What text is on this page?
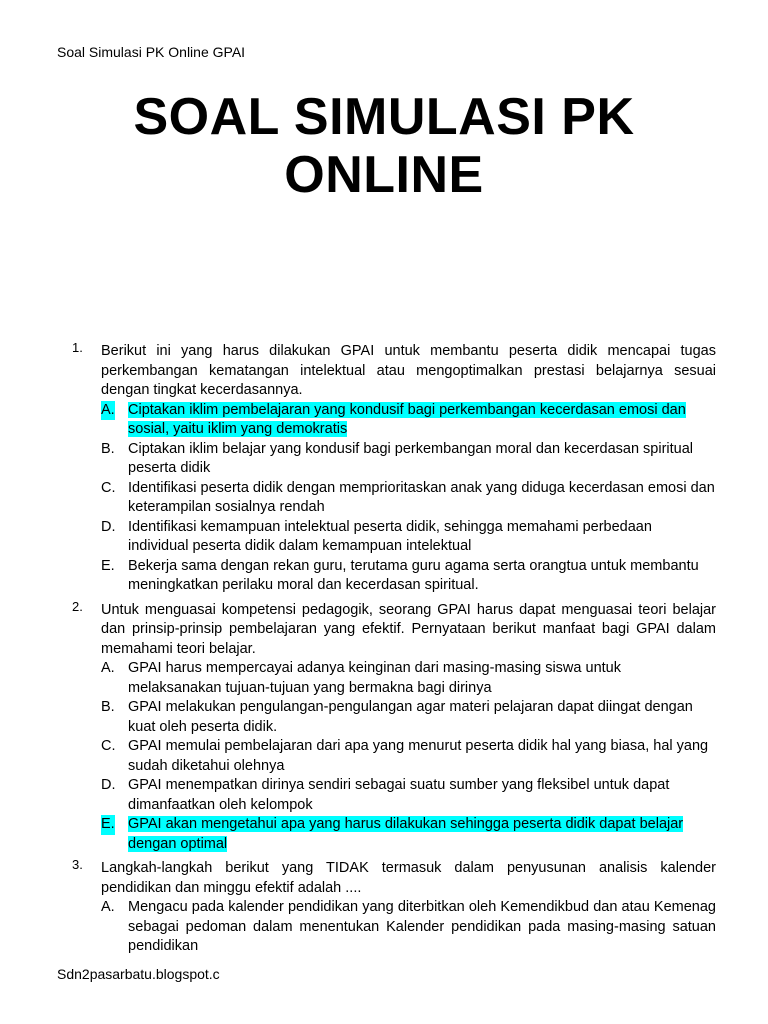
Soal Simulasi PK Online GPAI
SOAL SIMULASI PK
ONLINE
1. Berikut ini yang harus dilakukan GPAI untuk membantu peserta didik mencapai tugas perkembangan kematangan intelektual atau mengoptimalkan prestasi belajarnya sesuai dengan tingkat kecerdasannya.
A. Ciptakan iklim pembelajaran yang kondusif bagi perkembangan kecerdasan emosi dan sosial, yaitu iklim yang demokratis
B. Ciptakan iklim belajar yang kondusif bagi perkembangan moral dan kecerdasan spiritual peserta didik
C. Identifikasi peserta didik dengan memprioritaskan anak yang diduga kecerdasan emosi dan keterampilan sosialnya rendah
D. Identifikasi kemampuan intelektual peserta didik, sehingga memahami perbedaan individual peserta didik dalam kemampuan intelektual
E. Bekerja sama dengan rekan guru, terutama guru agama serta orangtua untuk membantu meningkatkan perilaku moral dan kecerdasan spiritual.
2. Untuk menguasai kompetensi pedagogik, seorang GPAI harus dapat menguasai teori belajar dan prinsip-prinsip pembelajaran yang efektif. Pernyataan berikut manfaat bagi GPAI dalam memahami teori belajar.
A. GPAI harus mempercayai adanya keinginan dari masing-masing siswa untuk melaksanakan tujuan-tujuan yang bermakna bagi dirinya
B. GPAI melakukan pengulangan-pengulangan agar materi pelajaran dapat diingat dengan kuat oleh peserta didik.
C. GPAI memulai pembelajaran dari apa yang menurut peserta didik hal yang biasa, hal yang sudah diketahui olehnya
D. GPAI menempatkan dirinya sendiri sebagai suatu sumber yang fleksibel untuk dapat dimanfaatkan oleh kelompok
E. GPAI akan mengetahui apa yang harus dilakukan sehingga peserta didik dapat belajar dengan optimal
3. Langkah-langkah berikut yang TIDAK termasuk dalam penyusunan analisis kalender pendidikan dan minggu efektif adalah ....
A. Mengacu pada kalender pendidikan yang diterbitkan oleh Kemendikbud dan atau Kemenag sebagai pedoman dalam menentukan Kalender pendidikan pada masing-masing satuan pendidikan
Sdn2pasarbatu.blogspot.c
